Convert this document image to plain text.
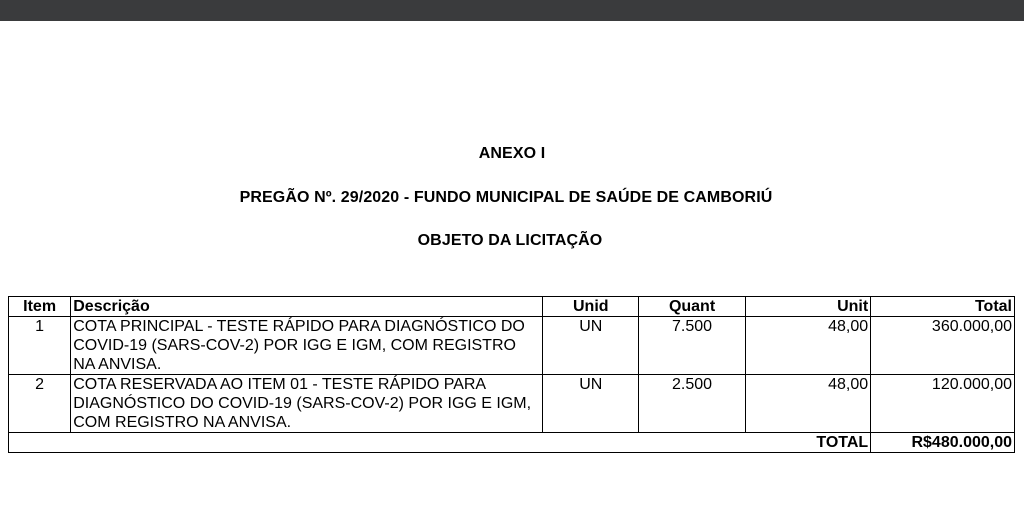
ANEXO I
PREGÃO Nº. 29/2020 - FUNDO MUNICIPAL DE SAÚDE DE CAMBORIÚ
OBJETO DA LICITAÇÃO
Item	Descrição	Unid	Quant	Unit	Total
1	COTA PRINCIPAL - TESTE RÁPIDO PARA DIAGNÓSTICO DO COVID-19 (SARS-COV-2) POR IGG E IGM, COM REGISTRO NA ANVISA.	UN	7.500	48,00	360.000,00
2	COTA RESERVADA AO ITEM 01 - TESTE RÁPIDO PARA DIAGNÓSTICO DO COVID-19 (SARS-COV-2) POR IGG E IGM, COM REGISTRO NA ANVISA.	UN	2.500	48,00	120.000,00
TOTAL					R$480.000,00
